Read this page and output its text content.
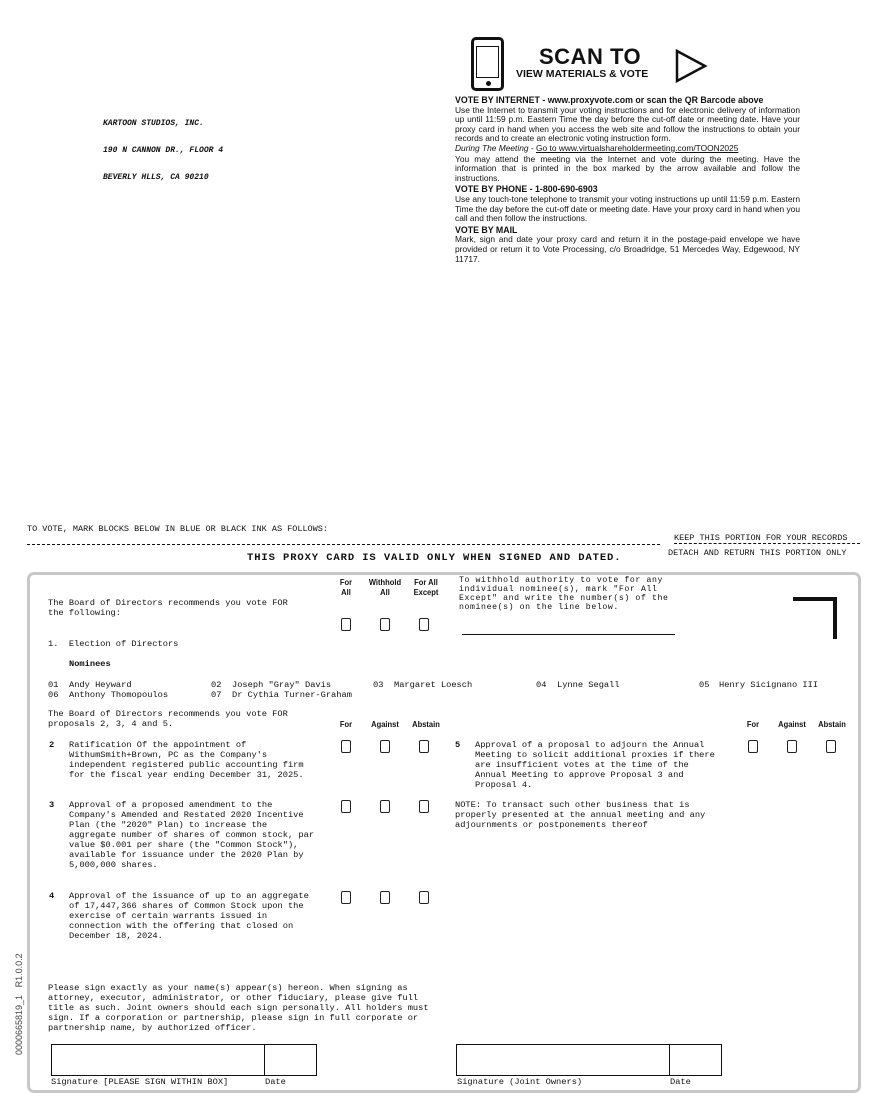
SCAN TO
VIEW MATERIALS & VOTE

KARTOON STUDIOS, INC.

190 N CANNON DR., FLOOR 4

BEVERLY HLLS, CA 90210

VOTE BY INTERNET - www.proxyvote.com or scan the QR Barcode above
Use the Internet to transmit your voting instructions and for electronic delivery of information up until 11:59 p.m. Eastern Time the day before the cut-off date or meeting date. Have your proxy card in hand when you access the web site and follow the instructions to obtain your records and to create an electronic voting instruction form.
During The Meeting - Go to www.virtualshareholdermeeting.com/TOON2025
You may attend the meeting via the Internet and vote during the meeting. Have the information that is printed in the box marked by the arrow available and follow the instructions.
VOTE BY PHONE - 1-800-690-6903
Use any touch-tone telephone to transmit your voting instructions up until 11:59 p.m. Eastern Time the day before the cut-off date or meeting date. Have your proxy card in hand when you call and then follow the instructions.
VOTE BY MAIL
Mark, sign and date your proxy card and return it in the postage-paid envelope we have provided or return it to Vote Processing, c/o Broadridge, 51 Mercedes Way, Edgewood, NY 11717.
TO VOTE, MARK BLOCKS BELOW IN BLUE OR BLACK INK AS FOLLOWS:
KEEP THIS PORTION FOR YOUR RECORDS
THIS PROXY CARD IS VALID ONLY WHEN SIGNED AND DATED.	DETACH AND RETURN THIS PORTION ONLY
For
All
Withhold
All
For All
Except
The Board of Directors recommends you vote FOR
the following:
To withhold authority to vote for any
individual nominee(s), mark "For All
Except" and write the number(s) of the
nominee(s) on the line below.
1.  Election of Directors
Nominees
01 Andy Heyward	02 Joseph "Gray" Davis	03 Margaret Loesch	04 Lynne Segall	05 Henry Sicignano III
06 Anthony Thomopoulos	07 Dr Cythia Turner-Graham
The Board of Directors recommends you vote FOR
proposals 2, 3, 4 and 5.	For	Against	Abstain	For	Against	Abstain
2 Ratification Of the appointment of
WithumSmith+Brown, PC as the Company's
independent registered public accounting firm
for the fiscal year ending December 31, 2025.
3 Approval of a proposed amendment to the
Company's Amended and Restated 2020 Incentive
Plan (the "2020" Plan) to increase the
aggregate number of shares of common stock, par
value $0.001 per share (the "Common Stock"),
available for issuance under the 2020 Plan by
5,000,000 shares.
4 Approval of the issuance of up to an aggregate
of 17,447,366 shares of Common Stock upon the
exercise of certain warrants issued in
connection with the offering that closed on
December 18, 2024.
5 Approval of a proposal to adjourn the Annual
Meeting to solicit additional proxies if there
are insufficient votes at the time of the
Annual Meeting to approve Proposal 3 and
Proposal 4.
NOTE: To transact such other business that is
properly presented at the annual meeting and any
adjournments or postponements thereof
0000665819_1   R1.0.0.2	Please sign exactly as your name(s) appear(s) hereon. When signing as
attorney, executor, administrator, or other fiduciary, please give full
title as such. Joint owners should each sign personally. All holders must
sign. If a corporation or partnership, please sign in full corporate or
partnership name, by authorized officer.
Signature [PLEASE SIGN WITHIN BOX]	Date	Signature (Joint Owners)	Date
